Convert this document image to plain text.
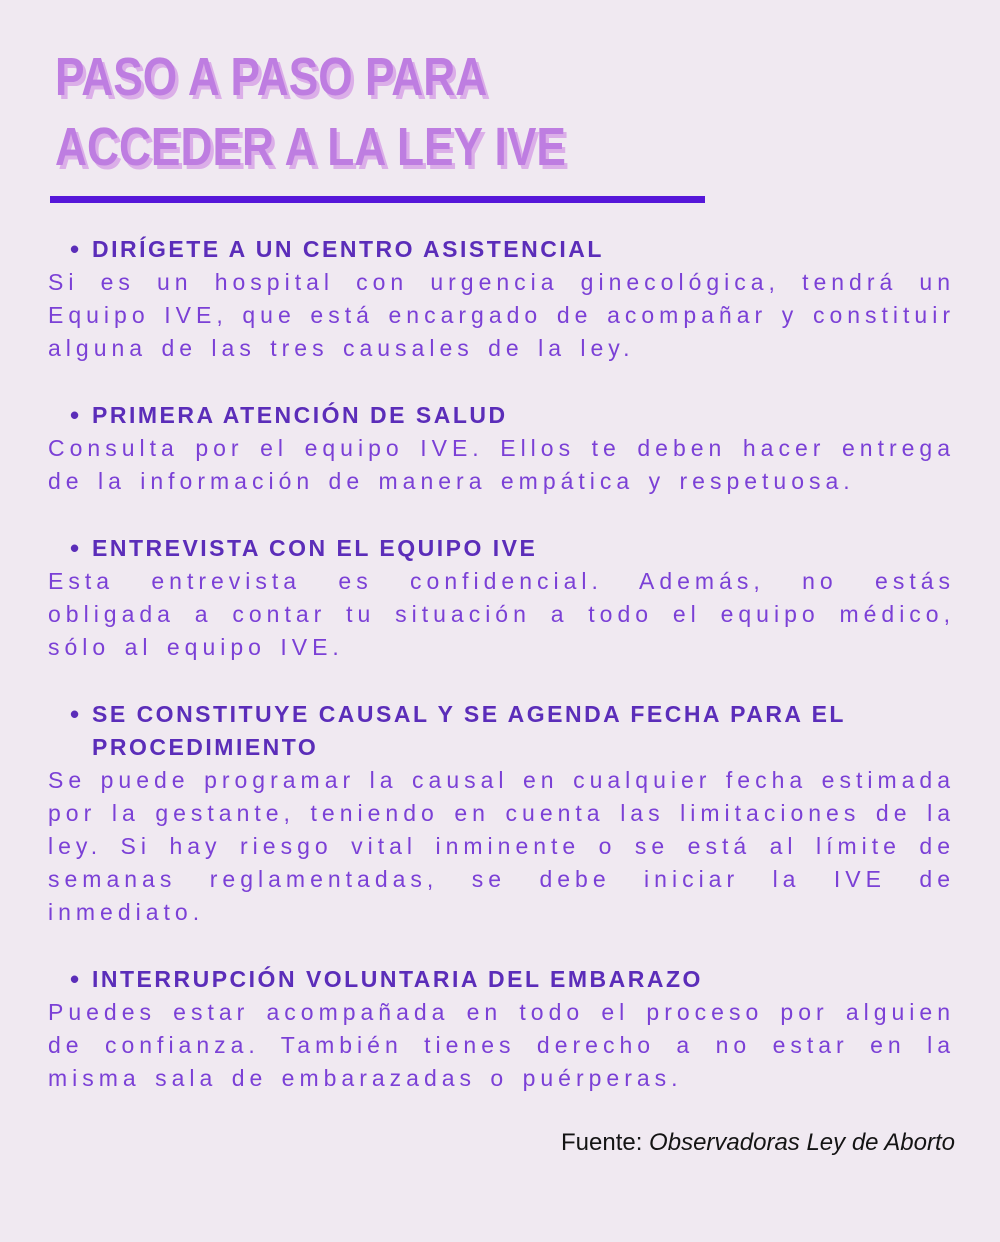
PASO A PASO PARA
ACCEDER A LA LEY IVE
• DIRÍGETE A UN CENTRO ASISTENCIAL

Si es un hospital con urgencia ginecológica, tendrá un Equipo IVE, que está encargado de acompañar y constituir alguna de las tres causales de la ley.

• PRIMERA ATENCIÓN DE SALUD

Consulta por el equipo IVE. Ellos te deben hacer entrega de la información de manera empática y respetuosa.

• ENTREVISTA CON EL EQUIPO IVE

Esta entrevista es confidencial. Además, no estás obligada a contar tu situación a todo el equipo médico, sólo al equipo IVE.

• SE CONSTITUYE CAUSAL Y SE AGENDA FECHA PARA EL PROCEDIMIENTO

Se puede programar la causal en cualquier fecha estimada por la gestante, teniendo en cuenta las limitaciones de la ley. Si hay riesgo vital inminente o se está al límite de semanas reglamentadas, se debe iniciar la IVE de inmediato.

• INTERRUPCIÓN VOLUNTARIA DEL EMBARAZO

Puedes estar acompañada en todo el proceso por alguien de confianza. También tienes derecho a no estar en la misma sala de embarazadas o puérperas.

Fuente: Observadoras Ley de Aborto
